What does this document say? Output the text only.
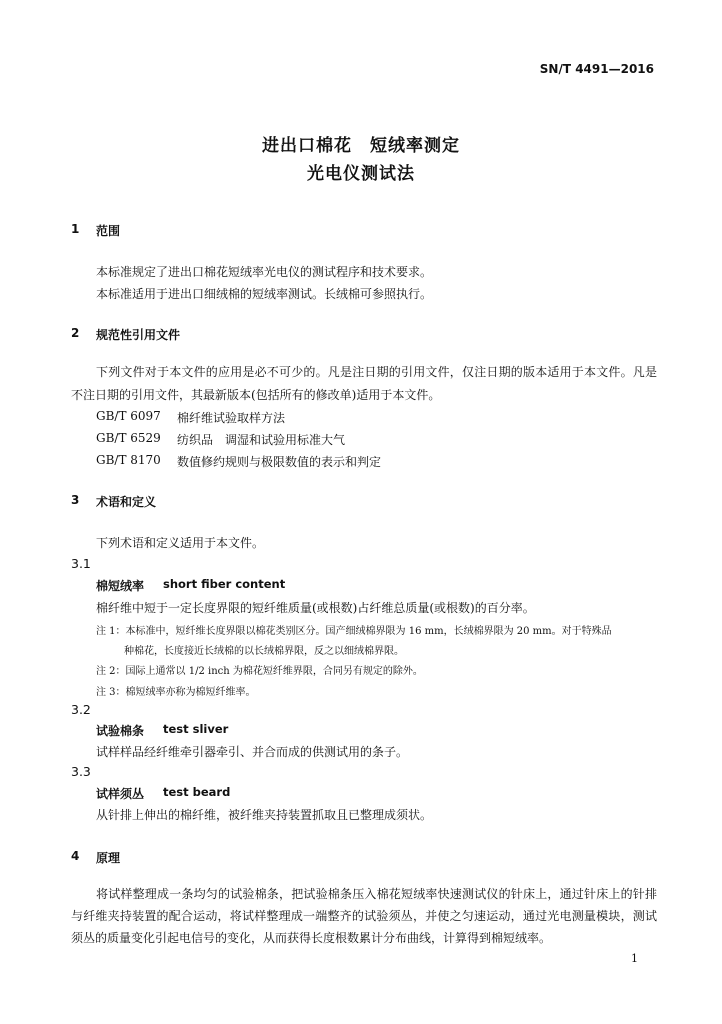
SN/T 4491—2016
进出口棉花　短绒率测定
光电仪测试法
1 范围
本标准规定了进出口棉花短绒率光电仪的测试程序和技术要求。
本标准适用于进出口细绒棉的短绒率测试。长绒棉可参照执行。
2 规范性引用文件
下列文件对于本文件的应用是必不可少的。凡是注日期的引用文件，仅注日期的版本适用于本文件。凡是不注日期的引用文件，其最新版本(包括所有的修改单)适用于本文件。
GB/T 6097 棉纤维试验取样方法
GB/T 6529 纺织品　调湿和试验用标准大气
GB/T 8170 数值修约规则与极限数值的表示和判定
3 术语和定义
下列术语和定义适用于本文件。
3.1
棉短绒率 short fiber content
棉纤维中短于一定长度界限的短纤维质量(或根数)占纤维总质量(或根数)的百分率。
注 1：本标准中，短纤维长度界限以棉花类别区分。国产细绒棉界限为 16 mm，长绒棉界限为 20 mm。对于特殊品
种棉花，长度接近长绒棉的以长绒棉界限，反之以细绒棉界限。
注 2：国际上通常以 1/2 inch 为棉花短纤维界限，合同另有规定的除外。
注 3：棉短绒率亦称为棉短纤维率。
3.2
试验棉条 test sliver
试样样品经纤维牵引器牵引、并合而成的供测试用的条子。
3.3
试样须丛 test beard
从针排上伸出的棉纤维，被纤维夹持装置抓取且已整理成须状。
4 原理
将试样整理成一条均匀的试验棉条，把试验棉条压入棉花短绒率快速测试仪的针床上，通过针床上的针排与纤维夹持装置的配合运动，将试样整理成一端整齐的试验须丛，并使之匀速运动，通过光电测量模块，测试须丛的质量变化引起电信号的变化，从而获得长度根数累计分布曲线，计算得到棉短绒率。
1
